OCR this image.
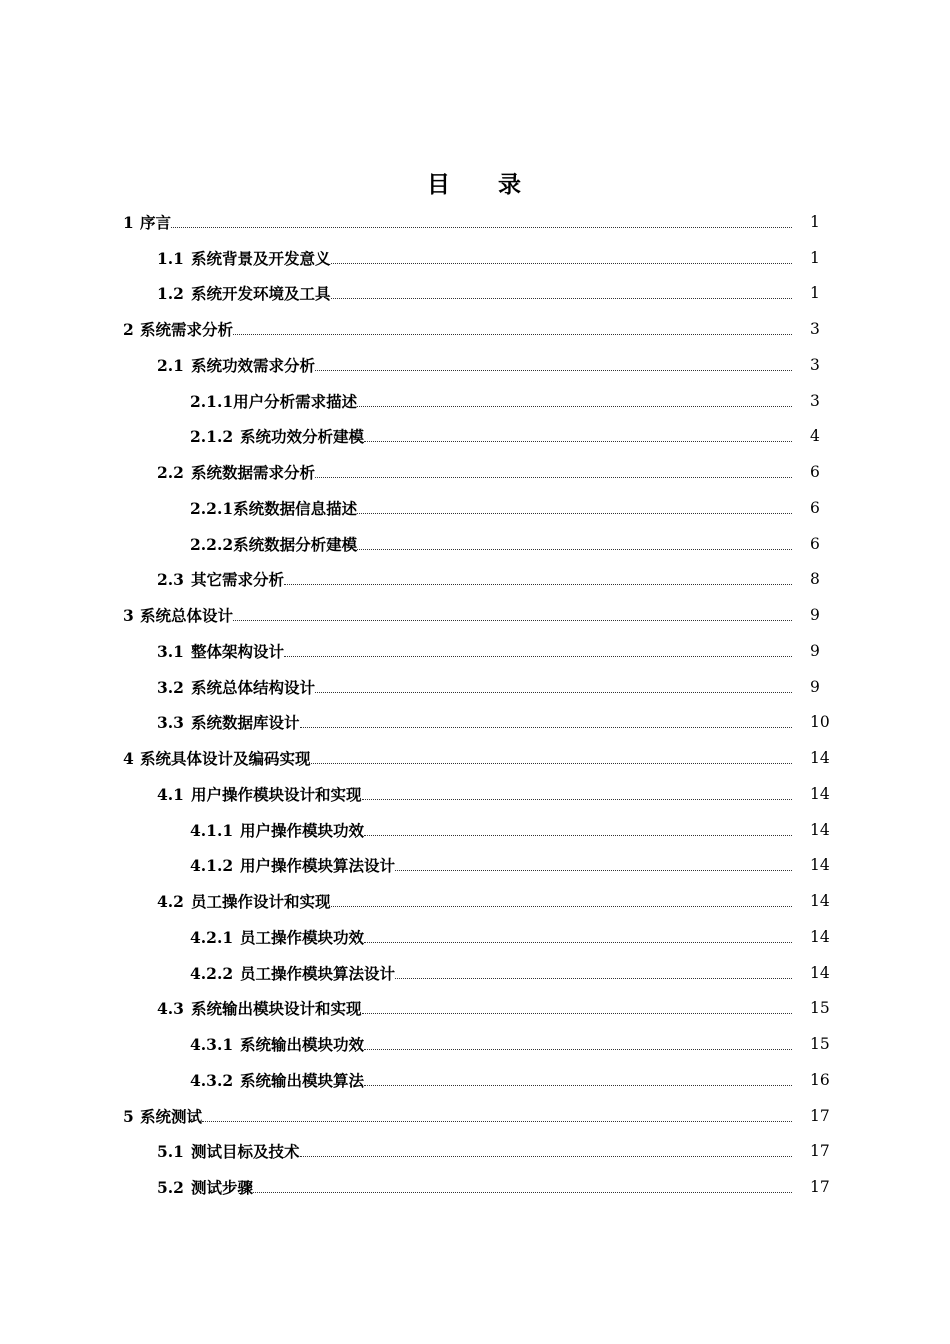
目 录
1 序言	1
1.1 系统背景及开发意义	1
1.2 系统开发环境及工具	1
2 系统需求分析	3
2.1 系统功效需求分析	3
2.1.1 用户分析需求描述	3
2.1.2 系统功效分析建模	4
2.2 系统数据需求分析	6
2.2.1 系统数据信息描述	6
2.2.2 系统数据分析建模	6
2.3 其它需求分析	8
3 系统总体设计	9
3.1 整体架构设计	9
3.2 系统总体结构设计	9
3.3 系统数据库设计	10
4 系统具体设计及编码实现	14
4.1 用户操作模块设计和实现	14
4.1.1 用户操作模块功效	14
4.1.2 用户操作模块算法设计	14
4.2 员工操作设计和实现	14
4.2.1 员工操作模块功效	14
4.2.2 员工操作模块算法设计	14
4.3 系统输出模块设计和实现	15
4.3.1 系统输出模块功效	15
4.3.2 系统输出模块算法	16
5 系统测试	17
5.1 测试目标及技术	17
5.2 测试步骤	17
